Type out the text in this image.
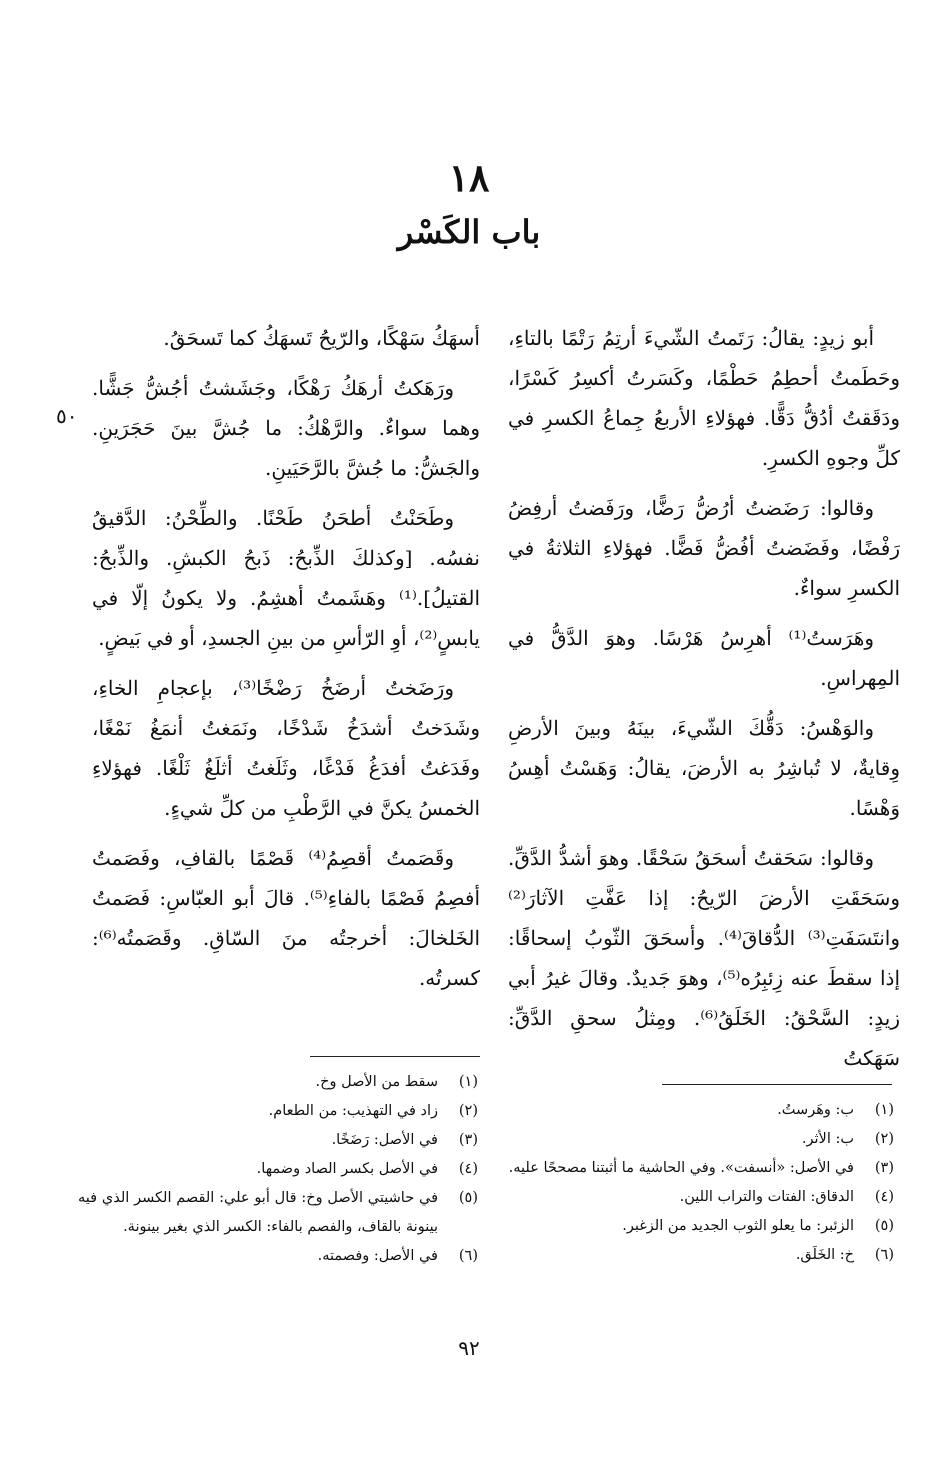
١٨
باب الكَسْر

أبو زيدٍ: يقالُ: رَتَمتُ الشّيءَ أرتِمُ رَتْمًا بالتاءِ، وحَطَمتُ أحطِمُ حَطْمًا، وكَسَرتُ أكسِرُ كَسْرًا، ودَقَقتُ أدُقُّ دَقًّا. فهؤلاءِ الأربعُ جِماعُ الكسرِ في كلِّ وجوهِ الكسرِ.

وقالوا: رَضَضتُ أرُضُّ رَضًّا، ورَفَضتُ أرفِضُ رَفْضًا، وفَضَضتُ أفُضُّ فَضًّا. فهؤلاءِ الثلاثةُ في الكسرِ سواءٌ.

وهَرَستُ⁽¹⁾ أهرِسُ هَرْسًا. وهوَ الدَّقُّ في المِهراسِ.

والوَهْسُ: دَقُّكَ الشّيءَ، بينَهُ وبينَ الأرضِ وِقايةٌ، لا تُباشِرُ به الأرضَ، يقالُ: وَهَسْتُ أهِسُ وَهْسًا.

وقالوا: سَحَقتُ أسحَقُ سَحْقًا. وهوَ أشدُّ الدَّقِّ. وسَحَقَتِ الأرضَ الرّيحُ: إذا عَفَّتِ الآثارَ⁽²⁾ وانتَسَفَتِ⁽³⁾ الدُّقاقَ⁽⁴⁾. وأسحَقَ الثّوبُ إسحاقًا: إذا سقطَ عنه زِئبِرُه⁽⁵⁾، وهوَ جَديدٌ. وقالَ غيرُ أبي زيدٍ: السَّحْقُ: الخَلَقُ⁽⁶⁾. ومِثلُ سحقِ الدَّقِّ: سَهَكتُ

أسهَكُ سَهْكًا، والرّيحُ تَسهَكُ كما تَسحَقُ.

ورَهَكتُ أرهَكُ رَهْكًا، وجَشَشتُ أجُشُّ جَشًّا. وهما سواءٌ. والرَّهْكُ: ما جُشَّ بينَ حَجَرَينِ. والجَشُّ: ما جُشَّ بالرَّحَيَينِ.

وطَحَنْتُ أطحَنُ طَحْنًا. والطِّحْنُ: الدَّقيقُ نفسُه. [وكذلكَ الذِّبحُ: ذَبحُ الكبشِ. والذِّبحُ: القتيلُ].⁽¹⁾ وهَشَمتُ أهشِمُ. ولا يكونُ إلّا في يابسٍ⁽²⁾، أوِ الرّأسِ من بينِ الجسدِ، أو في بَيضٍ.

ورَضَختُ أرضَخُ رَضْخًا⁽³⁾، بإعجامِ الخاءِ، وشَدَختُ أشدَخُ شَدْخًا، ونَمَغتُ أنمَغُ نَمْغًا، وفَدَغتُ أفدَغُ فَدْغًا، وثَلَغتُ أثلَغُ ثَلْغًا. فهؤلاءِ الخمسُ يكنَّ في الرَّطْبِ من كلِّ شيءٍ.

وقَصَمتُ أقصِمُ⁽⁴⁾ قَصْمًا بالقافِ، وفَصَمتُ أفصِمُ فَصْمًا بالفاءِ⁽⁵⁾. قالَ أبو العبّاسِ: فَصَمتُ الخَلخالَ: أخرجتُه منَ السّاقِ. وقَصَمتُه⁽⁶⁾: كسرتُه.

٥٠
(١)
ب: وهَرستُ.
(٢)
ب: الأثر.
(٣)
في الأصل: «أنسفت». وفي الحاشية ما أثبتنا مصححًا عليه.
(٤)
الدقاق: الفتات والتراب اللين.
(٥)
الزئبر: ما يعلو الثوب الجديد من الزغبر.
(٦)
خ: الخَلَق.
(١)
سقط من الأصل وخ.
(٢)
زاد في التهذيب: من الطعام.
(٣)
في الأصل: رَضَخًا.
(٤)
في الأصل بكسر الصاد وضمها.
(٥)
في حاشيتي الأصل وخ: قال أبو علي: القصم الكسر الذي فيه بينونة بالقاف، والفصم بالفاء: الكسر الذي بغير بينونة.
(٦)
في الأصل: وفصمته.
٩٢
